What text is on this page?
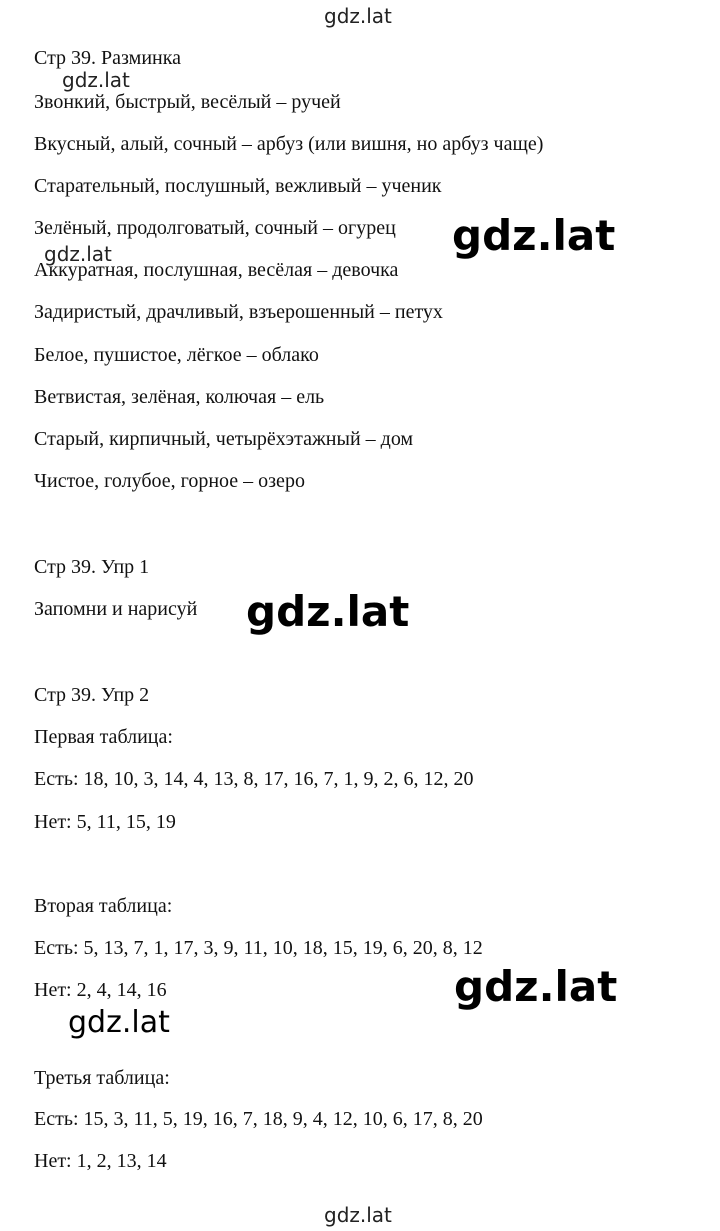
gdz.lat

Стр 39. Разминка

gdz.lat

Звонкий, быстрый, весёлый – ручей

Вкусный, алый, сочный – арбуз (или вишня, но арбуз чаще)

Старательный, послушный, вежливый – ученик

Зелёный, продолговатый, сочный – огурец

Аккуратная, послушная, весёлая – девочка

Задиристый, драчливый, взъерошенный – петух

Белое, пушистое, лёгкое – облако

Ветвистая, зелёная, колючая – ель

Старый, кирпичный, четырёхэтажный – дом

Чистое, голубое, горное – озеро

gdz.lat
gdz.lat

Стр 39. Упр 1

Запомни и нарисуй gdz.lat

Стр 39. Упр 2

Первая таблица:

Есть: 18, 10, 3, 14, 4, 13, 8, 17, 16, 7, 1, 9, 2, 6, 12, 20

Нет: 5, 11, 15, 19

Вторая таблица:

Есть: 5, 13, 7, 1, 17, 3, 9, 11, 10, 18, 15, 19, 6, 20, 8, 12

Нет: 2, 4, 14, 16	gdz.lat
gdz.lat

Третья таблица:

Есть: 15, 3, 11, 5, 19, 16, 7, 18, 9, 4, 12, 10, 6, 17, 8, 20

Нет: 1, 2, 13, 14

gdz.lat
